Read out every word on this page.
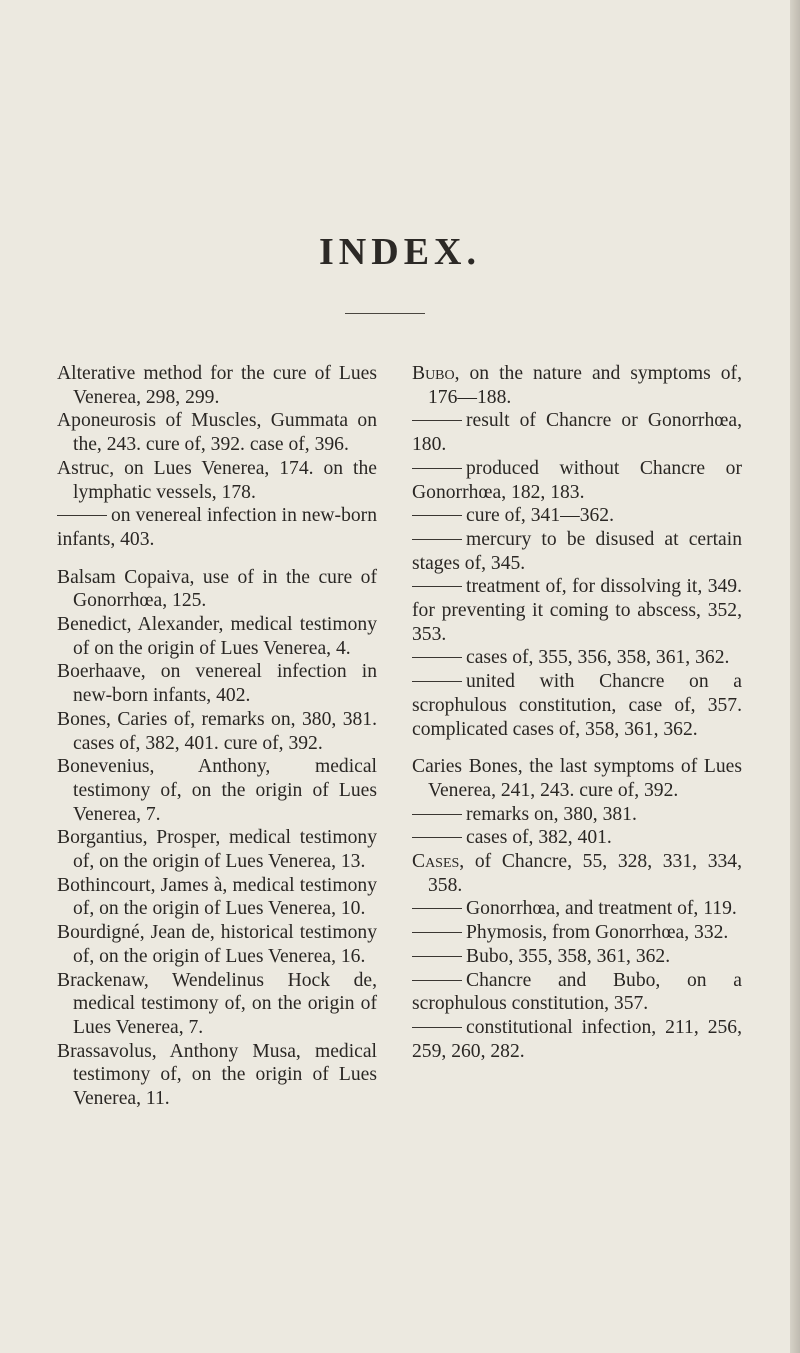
INDEX.

Alterative method for the cure of Lues Venerea, 298, 299.

Aponeurosis of Muscles, Gummata on the, 243. cure of, 392. case of, 396.

Astruc, on Lues Venerea, 174. on the lymphatic vessels, 178.

on venereal infection in new-born infants, 403.

Balsam Copaiva, use of in the cure of Gonorrhœa, 125.

Benedict, Alexander, medical testimony of on the origin of Lues Venerea, 4.

Boerhaave, on venereal infection in new-born infants, 402.

Bones, Caries of, remarks on, 380, 381. cases of, 382, 401. cure of, 392.

Bonevenius, Anthony, medical testimony of, on the origin of Lues Venerea, 7.

Borgantius, Prosper, medical testimony of, on the origin of Lues Venerea, 13.

Bothincourt, James à, medical testimony of, on the origin of Lues Venerea, 10.

Bourdigné, Jean de, historical testimony of, on the origin of Lues Venerea, 16.

Brackenaw, Wendelinus Hock de, medical testimony of, on the origin of Lues Venerea, 7.

Brassavolus, Anthony Musa, medical testimony of, on the origin of Lues Venerea, 11.

Bubo, on the nature and symptoms of, 176—188.

result of Chancre or Gonorrhœa, 180.

produced without Chancre or Gonorrhœa, 182, 183.

cure of, 341—362.

mercury to be disused at certain stages of, 345.

treatment of, for dissolving it, 349. for preventing it coming to abscess, 352, 353.

cases of, 355, 356, 358, 361, 362.

united with Chancre on a scrophulous constitution, case of, 357. complicated cases of, 358, 361, 362.

Caries Bones, the last symptoms of Lues Venerea, 241, 243. cure of, 392.

remarks on, 380, 381.

cases of, 382, 401.

Cases, of Chancre, 55, 328, 331, 334, 358.

Gonorrhœa, and treatment of, 119.

Phymosis, from Gonorrhœa, 332.

Bubo, 355, 358, 361, 362.

Chancre and Bubo, on a scrophulous constitution, 357.

constitutional infection, 211, 256, 259, 260, 282.
